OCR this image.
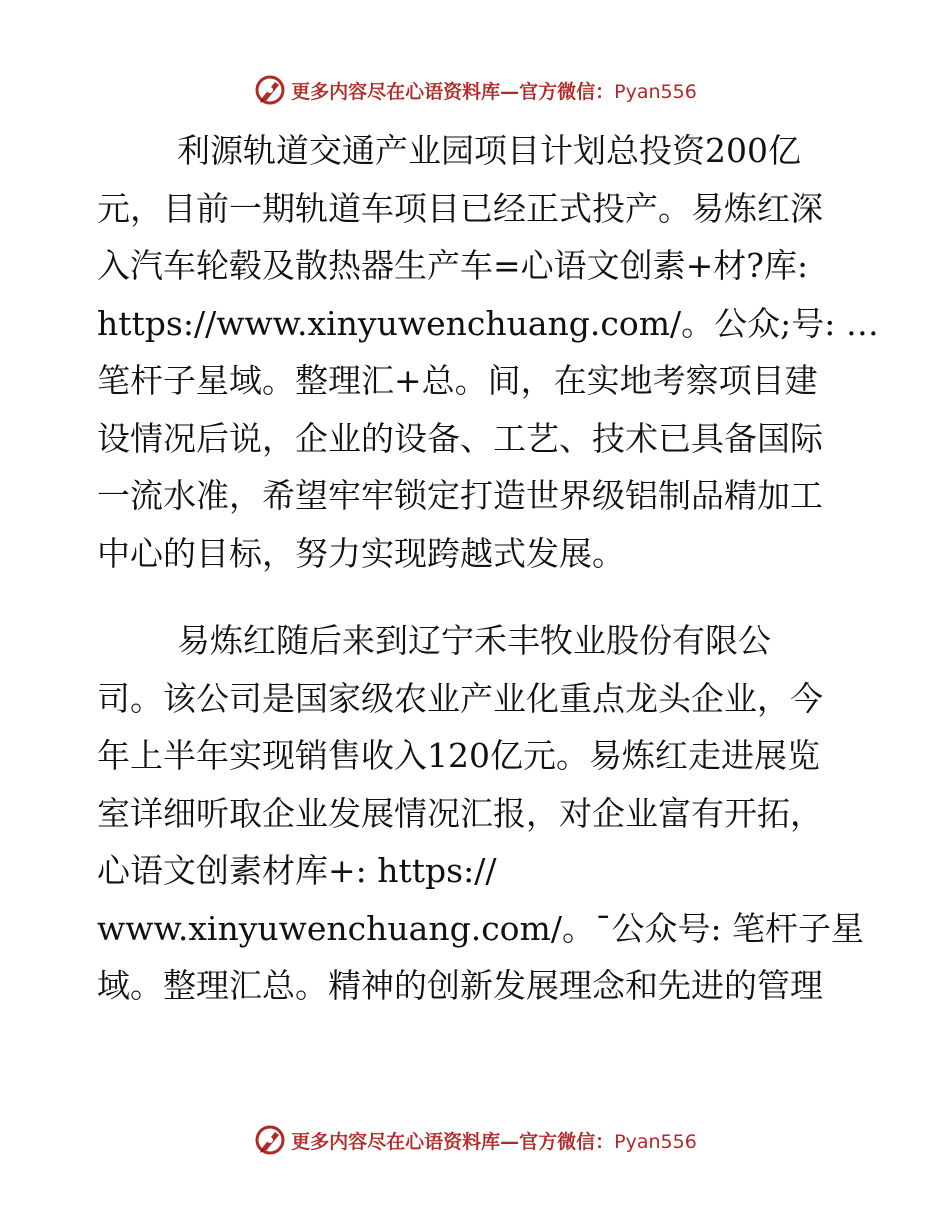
更多内容尽在心语资料库—官方微信：Pyan556

利源轨道交通产业园项目计划总投资200亿
元，目前一期轨道车项目已经正式投产。易炼红深
入汽车轮毂及散热器生产车=心语文创素+材?库:
https://www.xinyuwenchuang.com/。公众;号: …
笔杆子星域。整理汇+总。间，在实地考察项目建
设情况后说，企业的设备、工艺、技术已具备国际
一流水准，希望牢牢锁定打造世界级铝制品精加工
中心的目标，努力实现跨越式发展。

易炼红随后来到辽宁禾丰牧业股份有限公
司。该公司是国家级农业产业化重点龙头企业，今
年上半年实现销售收入120亿元。易炼红走进展览
室详细听取企业发展情况汇报，对企业富有开拓，
心语文创素材库+: https://
www.xinyuwenchuang.com/。¯公众号: 笔杆子星
域。整理汇总。精神的创新发展理念和先进的管理

更多内容尽在心语资料库—官方微信：Pyan556
